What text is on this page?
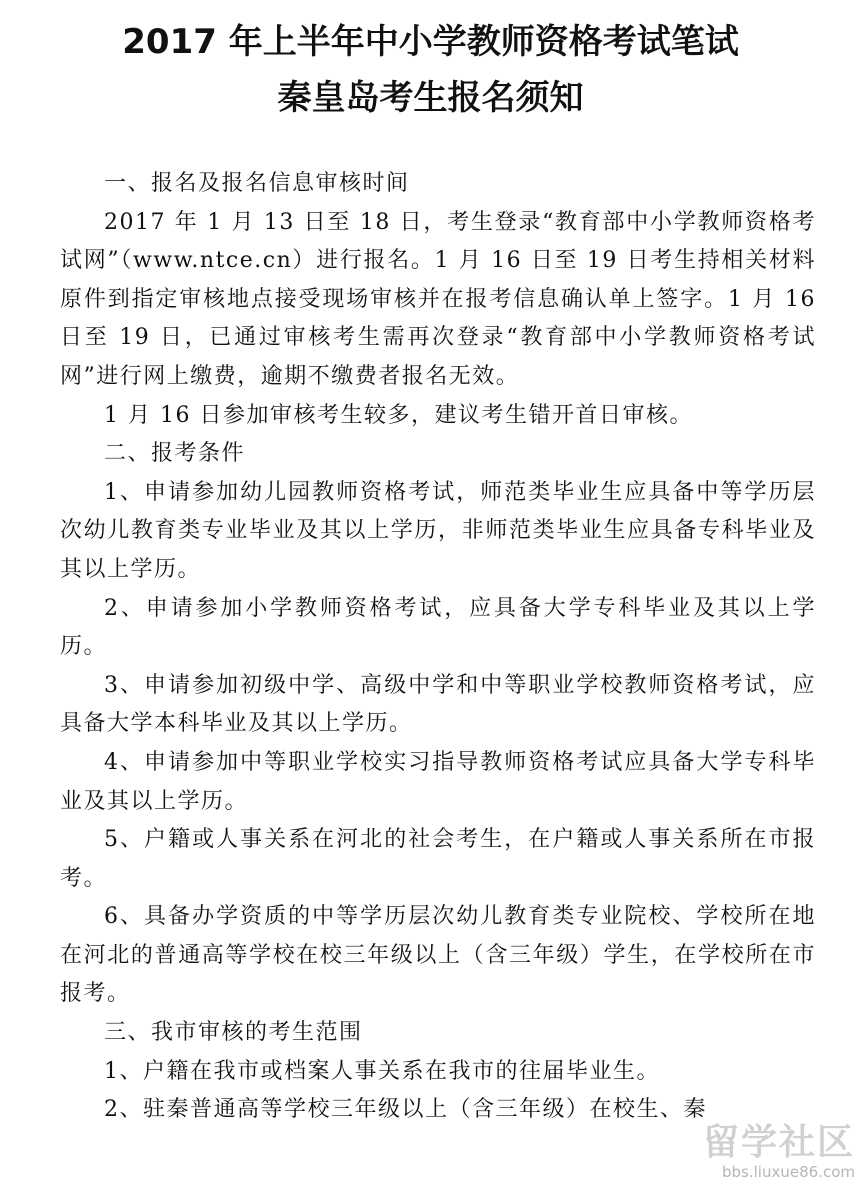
2017 年上半年中小学教师资格考试笔试
秦皇岛考生报名须知

一、报名及报名信息审核时间

2017 年 1 月 13 日至 18 日，考生登录“教育部中小学教师资格考试网”（www.ntce.cn）进行报名。1 月 16 日至 19 日考生持相关材料原件到指定审核地点接受现场审核并在报考信息确认单上签字。1 月 16 日至 19 日，已通过审核考生需再次登录“教育部中小学教师资格考试网”进行网上缴费，逾期不缴费者报名无效。

1 月 16 日参加审核考生较多，建议考生错开首日审核。

二、报考条件

1、申请参加幼儿园教师资格考试，师范类毕业生应具备中等学历层次幼儿教育类专业毕业及其以上学历，非师范类毕业生应具备专科毕业及其以上学历。

2、申请参加小学教师资格考试，应具备大学专科毕业及其以上学历。

3、申请参加初级中学、高级中学和中等职业学校教师资格考试，应具备大学本科毕业及其以上学历。

4、申请参加中等职业学校实习指导教师资格考试应具备大学专科毕业及其以上学历。

5、户籍或人事关系在河北的社会考生，在户籍或人事关系所在市报考。

6、具备办学资质的中等学历层次幼儿教育类专业院校、学校所在地在河北的普通高等学校在校三年级以上（含三年级）学生，在学校所在市报考。

三、我市审核的考生范围

1、户籍在我市或档案人事关系在我市的往届毕业生。

2、驻秦普通高等学校三年级以上（含三年级）在校生、秦

留学社区
bbs.liuxue86.com
